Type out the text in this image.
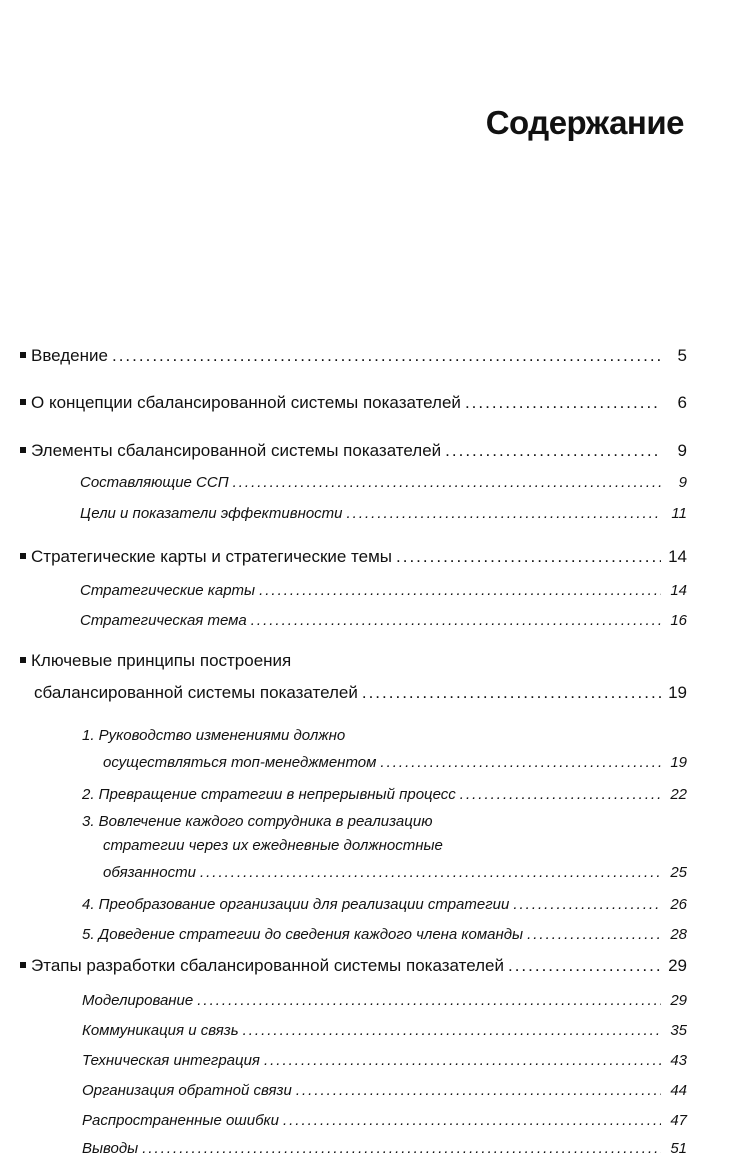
Содержание
Введение .....	5
О концепции сбалансированной системы показателей .....	6
Элементы сбалансированной системы показателей .....	9
Составляющие ССП .....	9
Цели и показатели эффективности .....	11
Стратегические карты и стратегические темы .....	14
Стратегические карты .....	14
Стратегическая тема .....	16
Ключевые принципы построения
сбалансированной системы показателей .....	19
1. Руководство изменениями должно
осуществляться топ-менеджментом .....	19
2. Превращение стратегии в непрерывный процесс .....	22
3. Вовлечение каждого сотрудника в реализацию
стратегии через их ежедневные должностные
обязанности .....	25
4. Преобразование организации для реализации стратегии .....	26
5. Доведение стратегии до сведения каждого члена команды .....	28
Этапы разработки сбалансированной системы показателей .....	29
Моделирование .....	29
Коммуникация и связь .....	35
Техническая интеграция .....	43
Организация обратной связи .....	44
Распространенные ошибки .....	47
Выводы .....	51
